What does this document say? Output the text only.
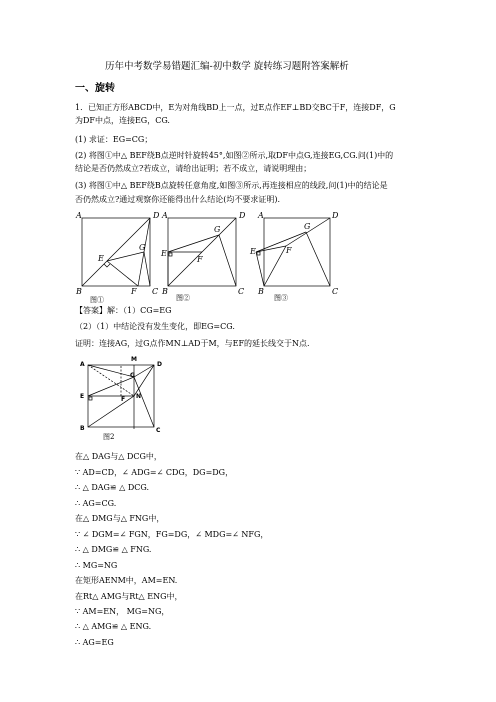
历年中考数学易错题汇编-初中数学 旋转练习题附答案解析
一、旋转
1．已知正方形ABCD中，E为对角线BD上一点，过E点作EF⊥BD交BC于F，连接DF，G
为DF中点，连接EG，CG.
(1) 求证：EG=CG；
(2) 将图①中△ BEF绕B点逆时针旋转45°,如图②所示,取DF中点G,连接EG,CG.问(1)中的
结论是否仍然成立?若成立，请给出证明；若不成立，请说明理由；
(3) 将图①中△ BEF绕B点旋转任意角度,如图③所示,再连接相应的线段,问(1)中的结论是
否仍然成立?通过观察你还能得出什么结论(均不要求证明).
A	D
B	C
E
F
G
图①
A	D
B	C
E
F
G
图②
A	D
B	C
E	F
G
图③
【答案】解：（1）CG=EG
（2）（1）中结论没有发生变化，即EG=CG.
证明：连接AG，过G点作MN⊥AD于M，与EF的延长线交于N点.
A
M
D
G
E	F N
B	C
图2
在△ DAG与△ DCG中，
∵ AD=CD，∠ ADG=∠ CDG，DG=DG，
∴ △ DAG≌ △ DCG.
∴ AG=CG.
在△ DMG与△ FNG中，
∵ ∠ DGM=∠ FGN，FG=DG，∠ MDG=∠ NFG，
∴ △ DMG≌ △ FNG.
∴ MG=NG
在矩形AENM中，AM=EN.
在Rt△ AMG与Rt△ ENG中，
∵ AM=EN， MG=NG，
∴ △ AMG≌ △ ENG.
∴ AG=EG
